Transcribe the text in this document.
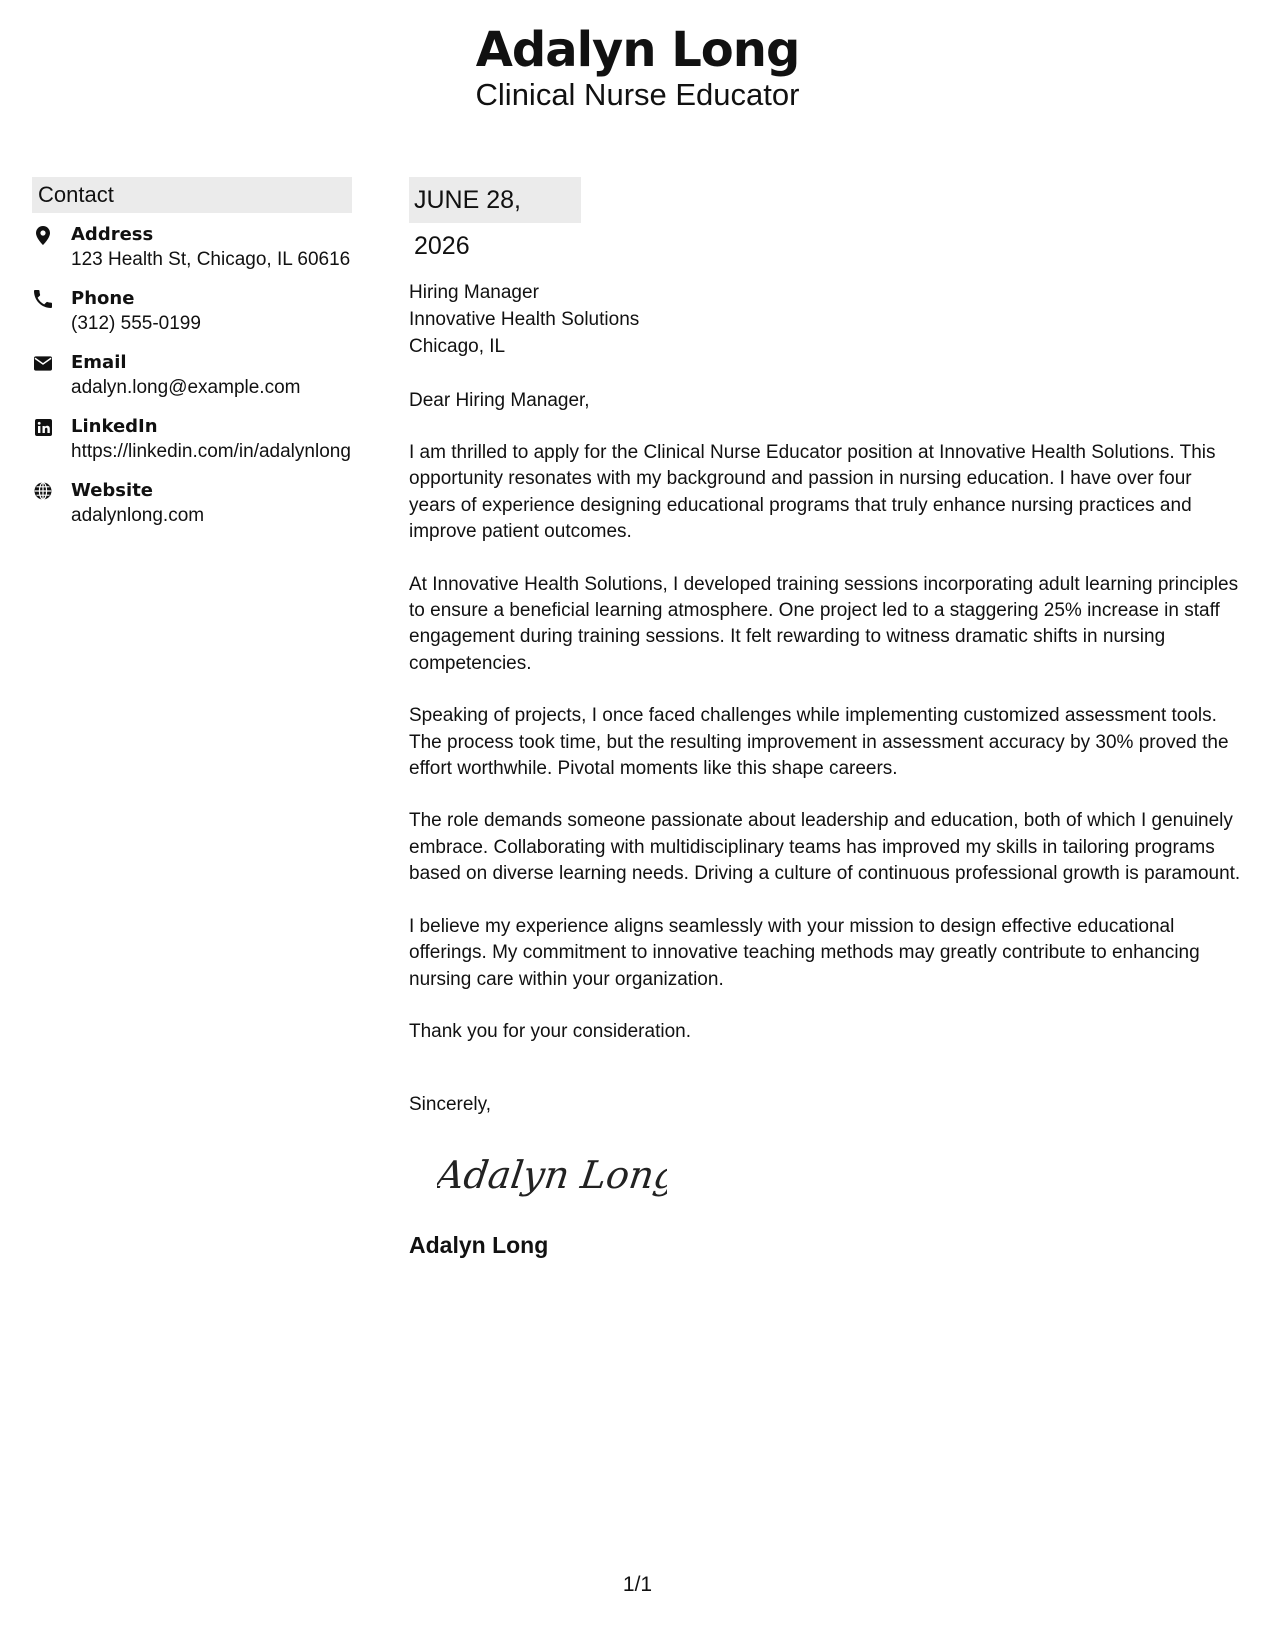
Adalyn Long
Clinical Nurse Educator
Contact
Address
123 Health St, Chicago, IL 60616
Phone
(312) 555-0199
Email
adalyn.long@example.com
LinkedIn
https://linkedin.com/in/adalynlong
Website
adalynlong.com
JUNE 28, 2026
Hiring Manager
Innovative Health Solutions
Chicago, IL
Dear Hiring Manager,
I am thrilled to apply for the Clinical Nurse Educator position at Innovative Health Solutions. This opportunity resonates with my background and passion in nursing education. I have over four years of experience designing educational programs that truly enhance nursing practices and improve patient outcomes.
At Innovative Health Solutions, I developed training sessions incorporating adult learning principles to ensure a beneficial learning atmosphere. One project led to a staggering 25% increase in staff engagement during training sessions. It felt rewarding to witness dramatic shifts in nursing competencies.
Speaking of projects, I once faced challenges while implementing customized assessment tools. The process took time, but the resulting improvement in assessment accuracy by 30% proved the effort worthwhile. Pivotal moments like this shape careers.
The role demands someone passionate about leadership and education, both of which I genuinely embrace. Collaborating with multidisciplinary teams has improved my skills in tailoring programs based on diverse learning needs. Driving a culture of continuous professional growth is paramount.
I believe my experience aligns seamlessly with your mission to design effective educational offerings. My commitment to innovative teaching methods may greatly contribute to enhancing nursing care within your organization.
Thank you for your consideration.
Sincerely,
Adalyn Long
Adalyn Long
1/1
